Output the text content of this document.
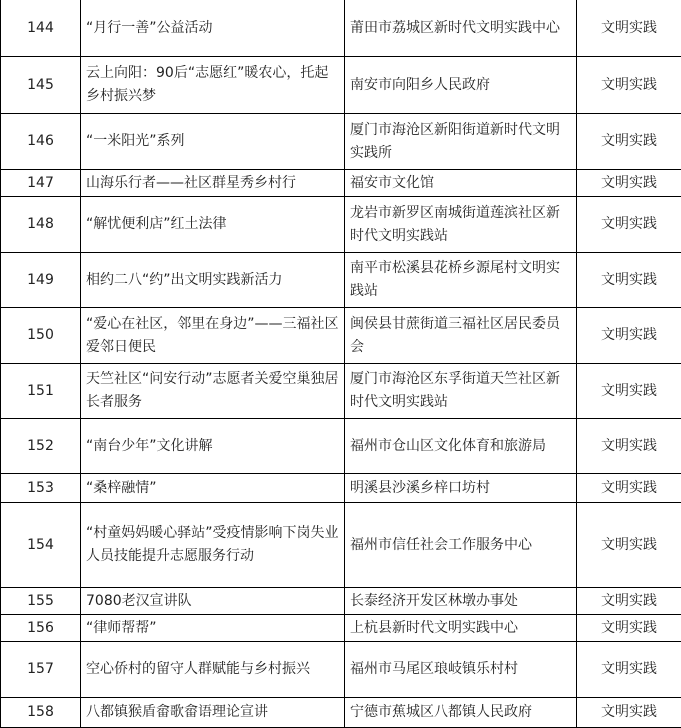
144	“月行一善”公益活动	莆田市荔城区新时代文明实践中心	文明实践
145	云上向阳：90后“志愿红”暖农心，托起乡村振兴梦	南安市向阳乡人民政府	文明实践
146	“一米阳光”系列	厦门市海沧区新阳街道新时代文明实践所	文明实践
147	山海乐行者——社区群星秀乡村行	福安市文化馆	文明实践
148	“解忧便利店”红土法律	龙岩市新罗区南城街道莲滨社区新时代文明实践站	文明实践
149	相约二八“约”出文明实践新活力	南平市松溪县花桥乡源尾村文明实践站	文明实践
150	“爱心在社区，邻里在身边”——三福社区爱邻日便民	闽侯县甘蔗街道三福社区居民委员会	文明实践
151	天竺社区“问安行动”志愿者关爱空巢独居长者服务	厦门市海沧区东孚街道天竺社区新时代文明实践站	文明实践
152	“南台少年”文化讲解	福州市仓山区文化体育和旅游局	文明实践
153	“桑梓融情”	明溪县沙溪乡梓口坊村	文明实践
154	“村童妈妈暖心驿站”受疫情影响下岗失业人员技能提升志愿服务行动	福州市信任社会工作服务中心	文明实践
155	7080老汉宣讲队	长泰经济开发区林墩办事处	文明实践
156	“律师帮帮”	上杭县新时代文明实践中心	文明实践
157	空心侨村的留守人群赋能与乡村振兴	福州市马尾区琅岐镇乐村村	文明实践
158	八都镇猴盾畲歌畲语理论宣讲	宁德市蕉城区八都镇人民政府	文明实践
